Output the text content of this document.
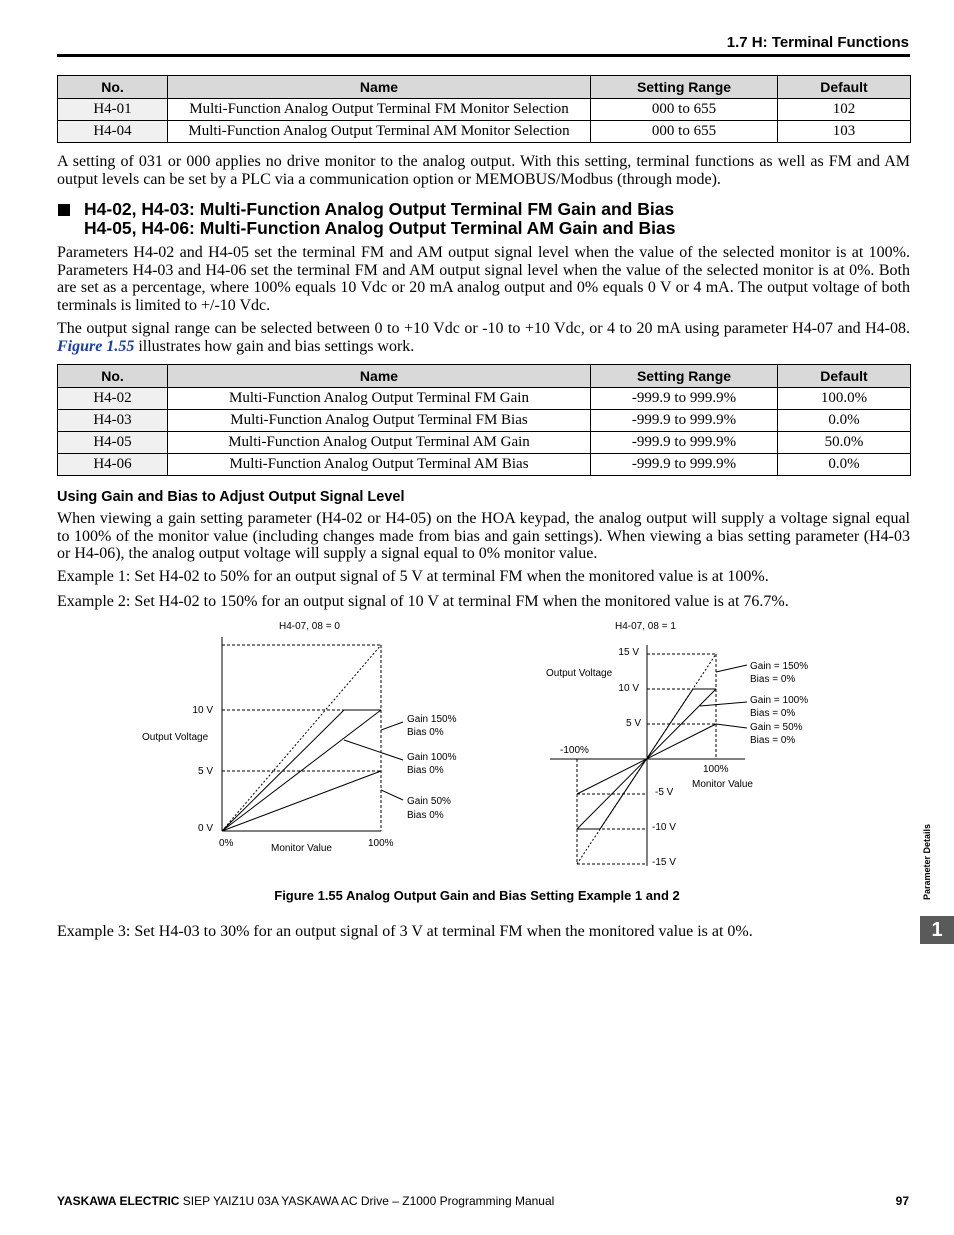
1.7 H: Terminal Functions
No.	Name	Setting Range	Default
H4-01	Multi-Function Analog Output Terminal FM Monitor Selection	000 to 655	102
H4-04	Multi-Function Analog Output Terminal AM Monitor Selection	000 to 655	103

A setting of 031 or 000 applies no drive monitor to the analog output. With this setting, terminal functions as well as FM and AM output levels can be set by a PLC via a communication option or MEMOBUS/Modbus (through mode).

H4-02, H4-03: Multi-Function Analog Output Terminal FM Gain and Bias
H4-05, H4-06: Multi-Function Analog Output Terminal AM Gain and Bias

Parameters H4-02 and H4-05 set the terminal FM and AM output signal level when the value of the selected monitor is at 100%. Parameters H4-03 and H4-06 set the terminal FM and AM output signal level when the value of the selected monitor is at 0%. Both are set as a percentage, where 100% equals 10 Vdc or 20 mA analog output and 0% equals 0 V or 4 mA. The output voltage of both terminals is limited to +/-10 Vdc.

The output signal range can be selected between 0 to +10 Vdc or -10 to +10 Vdc, or 4 to 20 mA using parameter H4-07 and H4-08. Figure 1.55 illustrates how gain and bias settings work.

No.	Name	Setting Range	Default
H4-02	Multi-Function Analog Output Terminal FM Gain	-999.9 to 999.9%	100.0%
H4-03	Multi-Function Analog Output Terminal FM Bias	-999.9 to 999.9%	0.0%
H4-05	Multi-Function Analog Output Terminal AM Gain	-999.9 to 999.9%	50.0%
H4-06	Multi-Function Analog Output Terminal AM Bias	-999.9 to 999.9%	0.0%
Using Gain and Bias to Adjust Output Signal Level

When viewing a gain setting parameter (H4-02 or H4-05) on the HOA keypad, the analog output will supply a voltage signal equal to 100% of the monitor value (including changes made from bias and gain settings). When viewing a bias setting parameter (H4-03 or H4-06), the analog output voltage will supply a signal equal to 0% monitor value.

Example 1: Set H4-02 to 50% for an output signal of 5 V at terminal FM when the monitored value is at 100%.

Example 2: Set H4-02 to 150% for an output signal of 10 V at terminal FM when the monitored value is at 76.7%.

H4-07, 08 = 0
10 V
5 V
0 V
Output Voltage
0%	100%
Monitor Value
Gain 150%
Bias 0%
Gain 100%
Bias 0%
Gain 50%
Bias 0%
H4-07, 08 = 1
15 V
10 V
5 V
Output Voltage
-100%
100%
Monitor Value
-5 V
-10 V
-15 V
Gain = 150%
Bias = 0%
Gain = 100%
Bias = 0%
Gain = 50%
Bias = 0%
Figure 1.55 Analog Output Gain and Bias Setting Example 1 and 2

Example 3: Set H4-03 to 30% for an output signal of 3 V at terminal FM when the monitored value is at 0%.

Parameter Details
1
YASKAWA ELECTRIC SIEP YAIZ1U 03A YASKAWA AC Drive – Z1000 Programming Manual	97
